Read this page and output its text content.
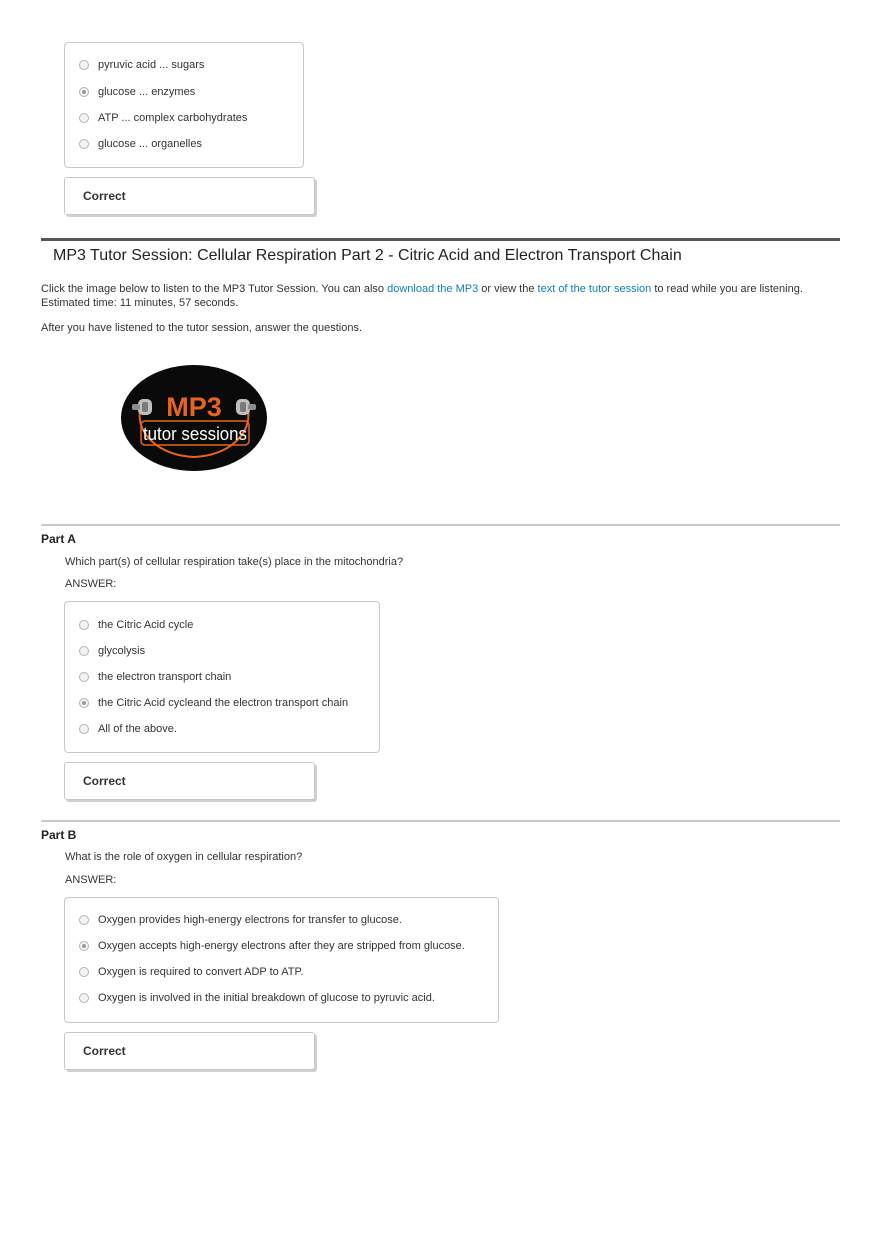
pyruvic acid ... sugars
glucose ... enzymes
ATP ... complex carbohydrates
glucose ... organelles
Correct
MP3 Tutor Session: Cellular Respiration Part 2 - Citric Acid and Electron Transport Chain
Click the image below to listen to the MP3 Tutor Session. You can also download the MP3 or view the text of the tutor session to read while you are listening.
Estimated time: 11 minutes, 57 seconds.
After you have listened to the tutor session, answer the questions.
MP3
tutor sessions
Part A
Which part(s) of cellular respiration take(s) place in the mitochondria?
ANSWER:
the Citric Acid cycle
glycolysis
the electron transport chain
the Citric Acid cycleand the electron transport chain
All of the above.
Correct
Part B
What is the role of oxygen in cellular respiration?
ANSWER:
Oxygen provides high-energy electrons for transfer to glucose.
Oxygen accepts high-energy electrons after they are stripped from glucose.
Oxygen is required to convert ADP to ATP.
Oxygen is involved in the initial breakdown of glucose to pyruvic acid.
Correct
